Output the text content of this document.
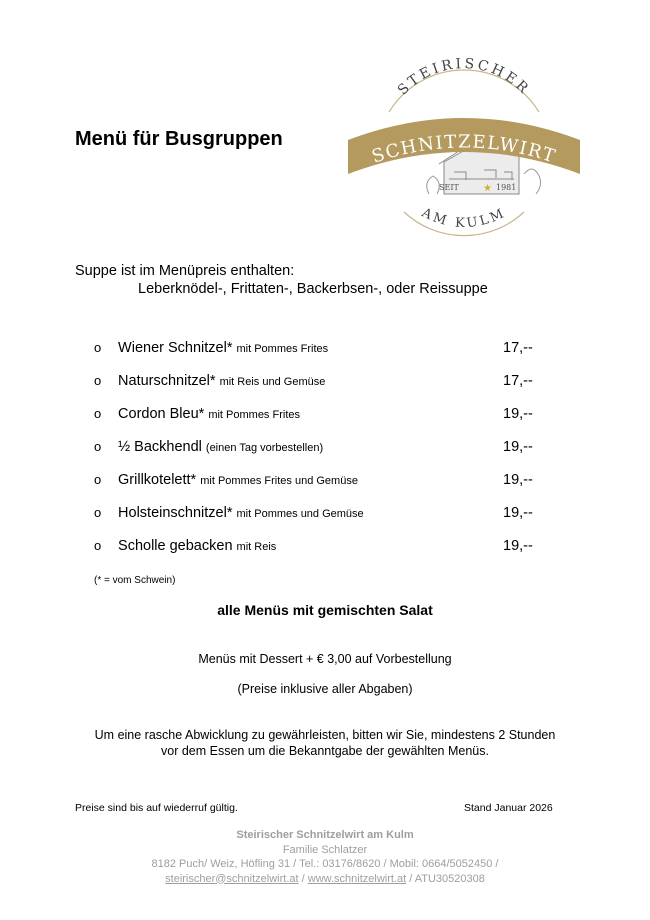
Menü für Busgruppen
STEIRISCHER
SCHNITZELWIRT
SEIT ★ 1981
AM KULM
Suppe ist im Menüpreis enthalten:
Leberknödel-, Frittaten-, Backerbsen-, oder Reissuppe
o Wiener Schnitzel* mit Pommes Frites	17,--
o Naturschnitzel* mit Reis und Gemüse	17,--
o Cordon Bleu* mit Pommes Frites	19,--
o ½ Backhendl (einen Tag vorbestellen)	19,--
o Grillkotelett* mit Pommes Frites und Gemüse	19,--
o Holsteinschnitzel* mit Pommes und Gemüse	19,--
o Scholle gebacken mit Reis	19,--
(* = vom Schwein)
alle Menüs mit gemischten Salat
Menüs mit Dessert + € 3,00 auf Vorbestellung
(Preise inklusive aller Abgaben)
Um eine rasche Abwicklung zu gewährleisten, bitten wir Sie, mindestens 2 Stunden
vor dem Essen um die Bekanntgabe der gewählten Menüs.
Preise sind bis auf wiederruf gültig.	Stand Januar 2026
Steirischer Schnitzelwirt am Kulm
Familie Schlatzer
8182 Puch/ Weiz, Höfling 31 / Tel.: 03176/8620 / Mobil: 0664/5052450 /
steirischer@schnitzelwirt.at / www.schnitzelwirt.at / ATU30520308
